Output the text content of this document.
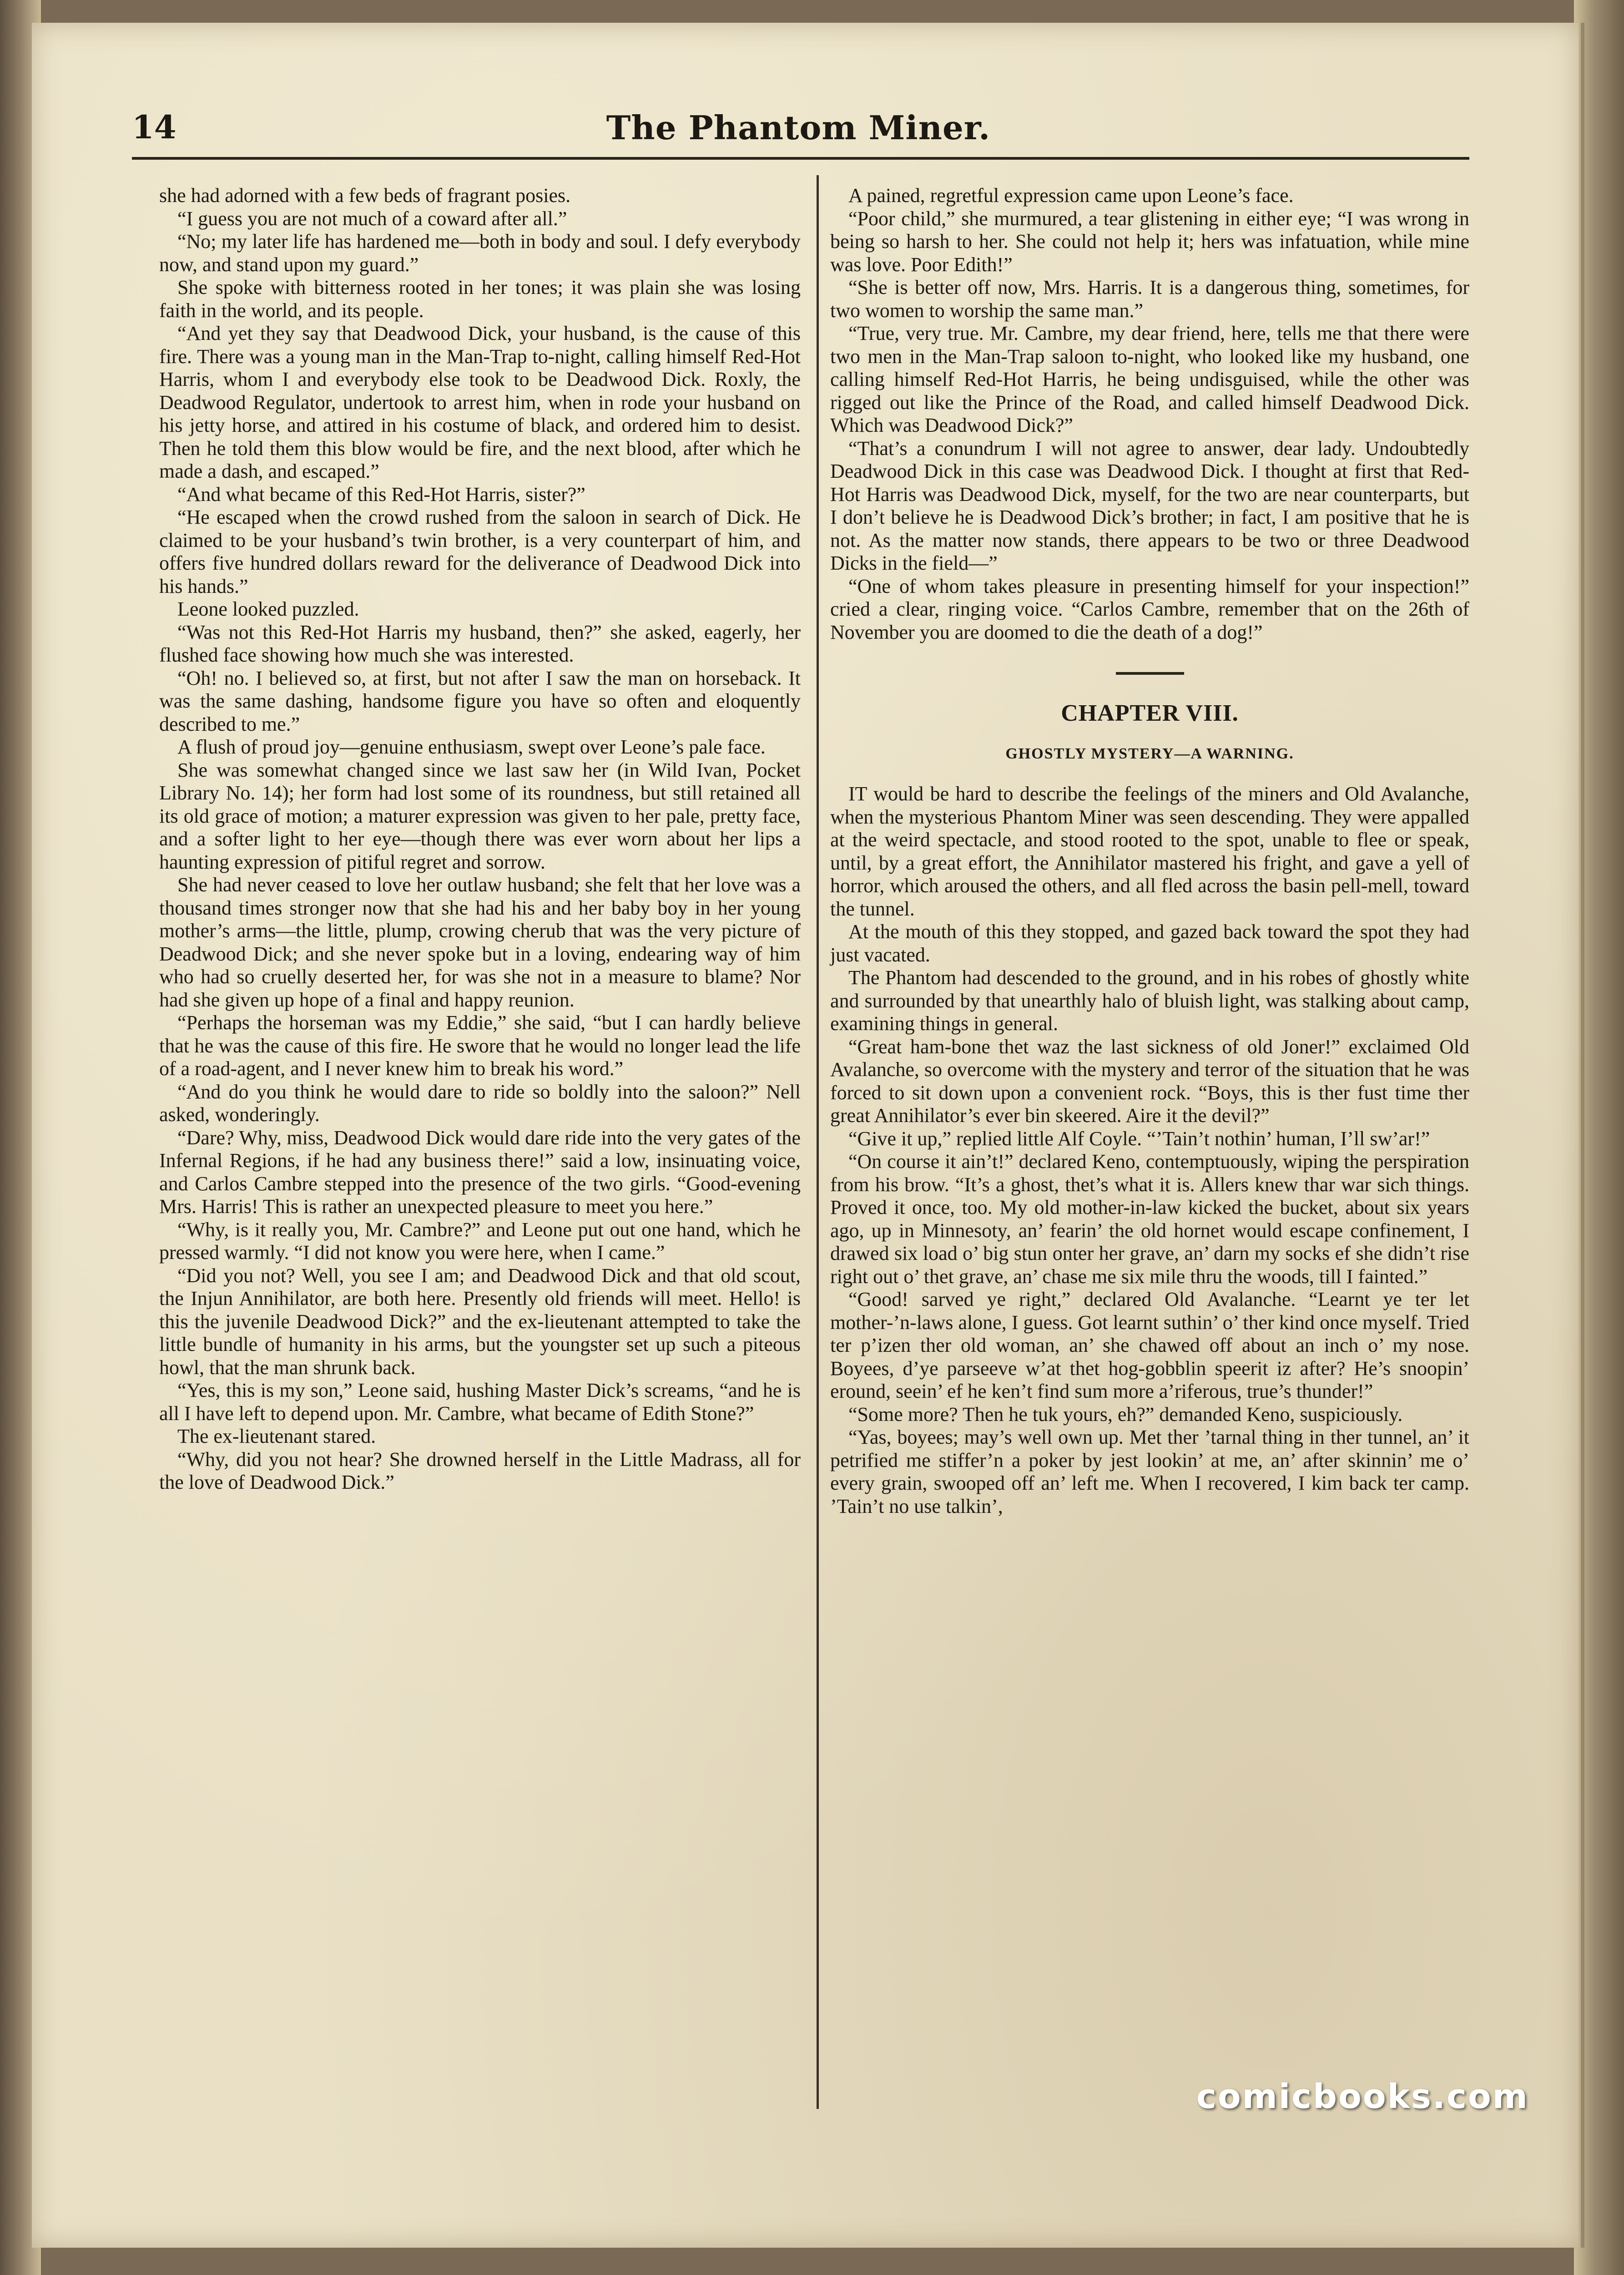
14	The Phantom Miner.

she had adorned with a few beds of fragrant posies.

“I guess you are not much of a coward after all.”

“No; my later life has hardened me—both in body and soul. I defy everybody now, and stand upon my guard.”

She spoke with bitterness rooted in her tones; it was plain she was losing faith in the world, and its people.

“And yet they say that Deadwood Dick, your husband, is the cause of this fire. There was a young man in the Man-Trap to-night, calling himself Red-Hot Harris, whom I and everybody else took to be Deadwood Dick. Roxly, the Deadwood Regulator, undertook to arrest him, when in rode your husband on his jetty horse, and attired in his costume of black, and ordered him to desist. Then he told them this blow would be fire, and the next blood, after which he made a dash, and escaped.”

“And what became of this Red-Hot Harris, sister?”

“He escaped when the crowd rushed from the saloon in search of Dick. He claimed to be your husband’s twin brother, is a very counterpart of him, and offers five hundred dollars reward for the deliverance of Deadwood Dick into his hands.”

Leone looked puzzled.

“Was not this Red-Hot Harris my husband, then?” she asked, eagerly, her flushed face showing how much she was interested.

“Oh! no. I believed so, at first, but not after I saw the man on horseback. It was the same dashing, handsome figure you have so often and eloquently described to me.”

A flush of proud joy—genuine enthusiasm, swept over Leone’s pale face.

She was somewhat changed since we last saw her (in Wild Ivan, Pocket Library No. 14); her form had lost some of its roundness, but still retained all its old grace of motion; a maturer expression was given to her pale, pretty face, and a softer light to her eye—though there was ever worn about her lips a haunting expression of pitiful regret and sorrow.

She had never ceased to love her outlaw husband; she felt that her love was a thousand times stronger now that she had his and her baby boy in her young mother’s arms—the little, plump, crowing cherub that was the very picture of Deadwood Dick; and she never spoke but in a loving, endearing way of him who had so cruelly deserted her, for was she not in a measure to blame? Nor had she given up hope of a final and happy reunion.

“Perhaps the horseman was my Eddie,” she said, “but I can hardly believe that he was the cause of this fire. He swore that he would no longer lead the life of a road-agent, and I never knew him to break his word.”

“And do you think he would dare to ride so boldly into the saloon?” Nell asked, wonderingly.

“Dare? Why, miss, Deadwood Dick would dare ride into the very gates of the Infernal Regions, if he had any business there!” said a low, insinuating voice, and Carlos Cambre stepped into the presence of the two girls. “Good-evening Mrs. Harris! This is rather an unexpected pleasure to meet you here.”

“Why, is it really you, Mr. Cambre?” and Leone put out one hand, which he pressed warmly. “I did not know you were here, when I came.”

“Did you not? Well, you see I am; and Deadwood Dick and that old scout, the Injun Annihilator, are both here. Presently old friends will meet. Hello! is this the juvenile Deadwood Dick?” and the ex-lieutenant attempted to take the little bundle of humanity in his arms, but the youngster set up such a piteous howl, that the man shrunk back.

“Yes, this is my son,” Leone said, hushing Master Dick’s screams, “and he is all I have left to depend upon. Mr. Cambre, what became of Edith Stone?”

The ex-lieutenant stared.

“Why, did you not hear? She drowned herself in the Little Madrass, all for the love of Deadwood Dick.”

A pained, regretful expression came upon Leone’s face.

“Poor child,” she murmured, a tear glistening in either eye; “I was wrong in being so harsh to her. She could not help it; hers was infatuation, while mine was love. Poor Edith!”

“She is better off now, Mrs. Harris. It is a dangerous thing, sometimes, for two women to worship the same man.”

“True, very true. Mr. Cambre, my dear friend, here, tells me that there were two men in the Man-Trap saloon to-night, who looked like my husband, one calling himself Red-Hot Harris, he being undisguised, while the other was rigged out like the Prince of the Road, and called himself Deadwood Dick. Which was Deadwood Dick?”

“That’s a conundrum I will not agree to answer, dear lady. Undoubtedly Deadwood Dick in this case was Deadwood Dick. I thought at first that Red-Hot Harris was Deadwood Dick, myself, for the two are near counterparts, but I don’t believe he is Deadwood Dick’s brother; in fact, I am positive that he is not. As the matter now stands, there appears to be two or three Deadwood Dicks in the field—”

“One of whom takes pleasure in presenting himself for your inspection!” cried a clear, ringing voice. “Carlos Cambre, remember that on the 26th of November you are doomed to die the death of a dog!”

CHAPTER VIII.
GHOSTLY MYSTERY—A WARNING.

IT would be hard to describe the feelings of the miners and Old Avalanche, when the mysterious Phantom Miner was seen descending. They were appalled at the weird spectacle, and stood rooted to the spot, unable to flee or speak, until, by a great effort, the Annihilator mastered his fright, and gave a yell of horror, which aroused the others, and all fled across the basin pell-mell, toward the tunnel.

At the mouth of this they stopped, and gazed back toward the spot they had just vacated.

The Phantom had descended to the ground, and in his robes of ghostly white and surrounded by that unearthly halo of bluish light, was stalking about camp, examining things in general.

“Great ham-bone thet waz the last sickness of old Joner!” exclaimed Old Avalanche, so overcome with the mystery and terror of the situation that he was forced to sit down upon a convenient rock. “Boys, this is ther fust time ther great Annihilator’s ever bin skeered. Aire it the devil?”

“Give it up,” replied little Alf Coyle. “’Tain’t nothin’ human, I’ll sw’ar!”

“On course it ain’t!” declared Keno, contemptuously, wiping the perspiration from his brow. “It’s a ghost, thet’s what it is. Allers knew thar war sich things. Proved it once, too. My old mother-in-law kicked the bucket, about six years ago, up in Minnesoty, an’ fearin’ the old hornet would escape confinement, I drawed six load o’ big stun onter her grave, an’ darn my socks ef she didn’t rise right out o’ thet grave, an’ chase me six mile thru the woods, till I fainted.”

“Good! sarved ye right,” declared Old Avalanche. “Learnt ye ter let mother-’n-laws alone, I guess. Got learnt suthin’ o’ ther kind once myself. Tried ter p’izen ther old woman, an’ she chawed off about an inch o’ my nose. Boyees, d’ye parseeve w’at thet hog-gobblin speerit iz after? He’s snoopin’ eround, seein’ ef he ken’t find sum more a’riferous, true’s thunder!”

“Some more? Then he tuk yours, eh?” demanded Keno, suspiciously.

“Yas, boyees; may’s well own up. Met ther ’tarnal thing in ther tunnel, an’ it petrified me stiffer’n a poker by jest lookin’ at me, an’ after skinnin’ me o’ every grain, swooped off an’ left me. When I recovered, I kim back ter camp. ’Tain’t no use talkin’,

comicbooks.com
